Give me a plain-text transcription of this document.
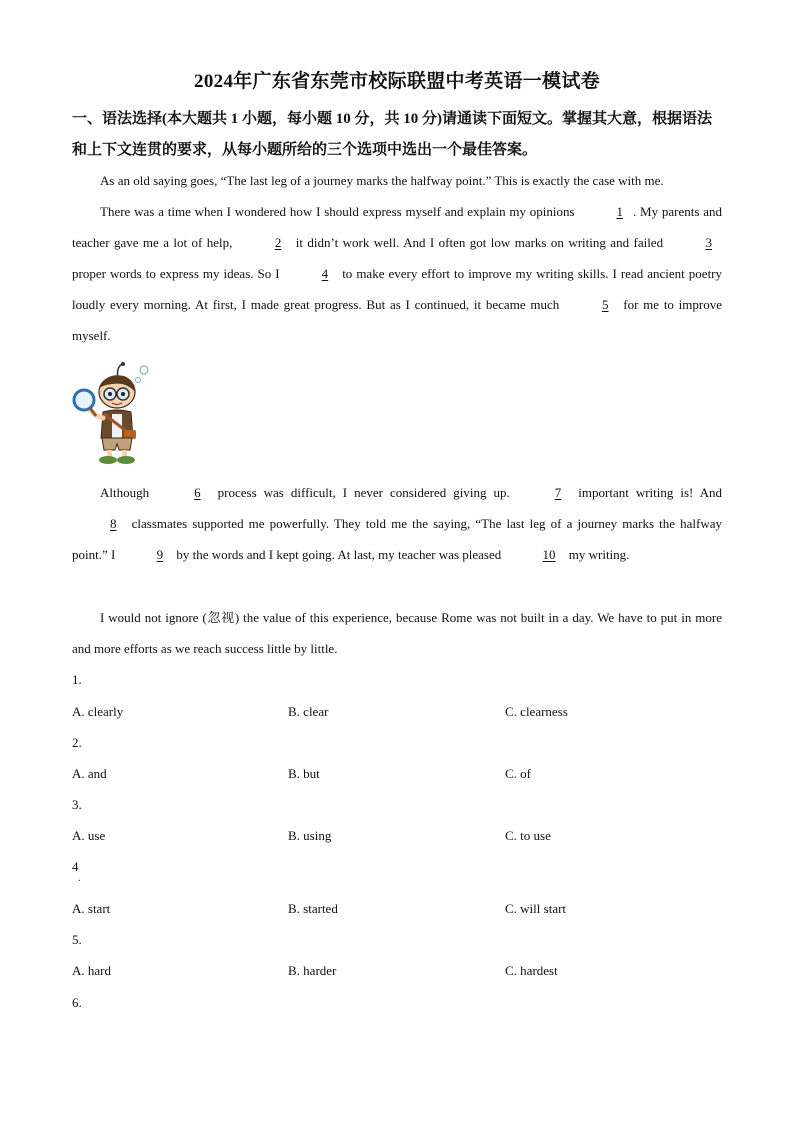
2024年广东省东莞市校际联盟中考英语一模试卷
一、语法选择(本大题共 1 小题，每小题 10 分，共 10 分)请通读下面短文。掌握其大意，根据语法和上下文连贯的要求，从每小题所给的三个选项中选出一个最佳答案。
As an old saying goes, “The last leg of a journey marks the halfway point.” This is exactly the case with me.
There was a time when I wondered how I should express myself and explain my opinions	1 . My parents and teacher gave me a lot of help,	2 it didn’t work well. And I often got low marks on writing and failed	3 proper words to express my ideas. So I	4 to make every effort to improve my writing skills. I read ancient poetry loudly every morning. At first, I made great progress. But as I continued, it became much	5 for me to improve myself.
Although	6 process was difficult, I never considered giving up.	7 important writing is! And 8 classmates supported me powerfully. They told me the saying, “The last leg of a journey marks the halfway point.” I	9 by the words and I kept going. At last, my teacher was pleased	10 my writing.
I would not ignore (忽视) the value of this experience, because Rome was not built in a day. We have to put in more and more efforts as we reach success little by little.
1.
A. clearly	B. clear	C. clearness
2.
A. and	B. but	C. of
3.
A. use	B. using	C. to use
4
.
A. start	B. started	C. will start
5.
A. hard	B. harder	C. hardest
6.
